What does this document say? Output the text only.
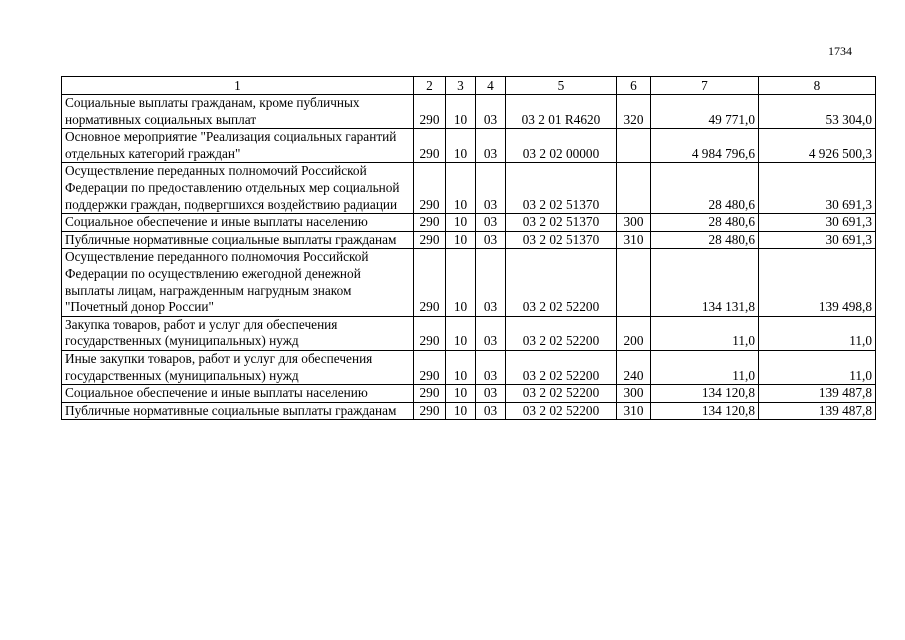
1734
1	2	3	4	5	6	7	8
Социальные выплаты гражданам, кроме публичных нормативных социальных выплат	290	10	03	03 2 01 R4620	320	49 771,0	53 304,0
Основное мероприятие "Реализация социальных гарантий отдельных категорий граждан"	290	10	03	03 2 02 00000		4 984 796,6	4 926 500,3
Осуществление переданных полномочий Российской Федерации по предоставлению отдельных мер социальной поддержки граждан, подвергшихся воздействию радиации	290	10	03	03 2 02 51370		28 480,6	30 691,3
Социальное обеспечение и иные выплаты населению	290	10	03	03 2 02 51370	300	28 480,6	30 691,3
Публичные нормативные социальные выплаты гражданам	290	10	03	03 2 02 51370	310	28 480,6	30 691,3
Осуществление переданного полномочия Российской Федерации по осуществлению ежегодной денежной выплаты лицам, награжденным нагрудным знаком "Почетный донор России"	290	10	03	03 2 02 52200		134 131,8	139 498,8
Закупка товаров, работ и услуг для обеспечения государственных (муниципальных) нужд	290	10	03	03 2 02 52200	200	11,0	11,0
Иные закупки товаров, работ и услуг для обеспечения государственных (муниципальных) нужд	290	10	03	03 2 02 52200	240	11,0	11,0
Социальное обеспечение и иные выплаты населению	290	10	03	03 2 02 52200	300	134 120,8	139 487,8
Публичные нормативные социальные выплаты гражданам	290	10	03	03 2 02 52200	310	134 120,8	139 487,8
